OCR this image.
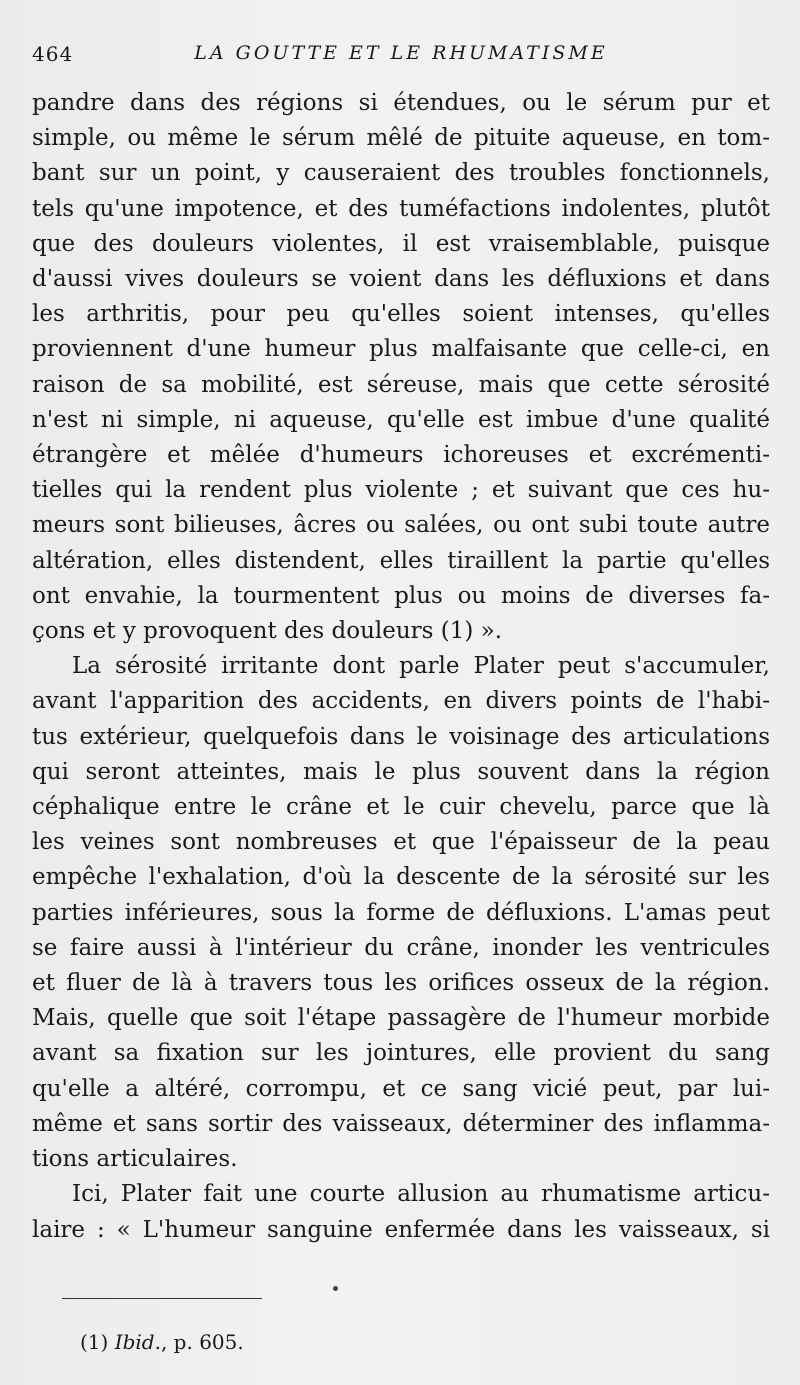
464	LA GOUTTE ET LE RHUMATISME

pandre dans des régions si étendues, ou le sérum pur et
simple, ou même le sérum mêlé de pituite aqueuse, en tom-
bant sur un point, y causeraient des troubles fonctionnels,
tels qu'une impotence, et des tuméfactions indolentes, plutôt
que des douleurs violentes, il est vraisemblable, puisque
d'aussi vives douleurs se voient dans les défluxions et dans
les arthritis, pour peu qu'elles soient intenses, qu'elles
proviennent d'une humeur plus malfaisante que celle-ci, en
raison de sa mobilité, est séreuse, mais que cette sérosité
n'est ni simple, ni aqueuse, qu'elle est imbue d'une qualité
étrangère et mêlée d'humeurs ichoreuses et excrémenti-
tielles qui la rendent plus violente ; et suivant que ces hu-
meurs sont bilieuses, âcres ou salées, ou ont subi toute autre
altération, elles distendent, elles tiraillent la partie qu'elles
ont envahie, la tourmentent plus ou moins de diverses fa-
çons et y provoquent des douleurs (1) ».

La sérosité irritante dont parle Plater peut s'accumuler,
avant l'apparition des accidents, en divers points de l'habi-
tus extérieur, quelquefois dans le voisinage des articulations
qui seront atteintes, mais le plus souvent dans la région
céphalique entre le crâne et le cuir chevelu, parce que là
les veines sont nombreuses et que l'épaisseur de la peau
empêche l'exhalation, d'où la descente de la sérosité sur les
parties inférieures, sous la forme de défluxions. L'amas peut
se faire aussi à l'intérieur du crâne, inonder les ventricules
et fluer de là à travers tous les orifices osseux de la région.
Mais, quelle que soit l'étape passagère de l'humeur morbide
avant sa fixation sur les jointures, elle provient du sang
qu'elle a altéré, corrompu, et ce sang vicié peut, par lui-
même et sans sortir des vaisseaux, déterminer des inflamma-
tions articulaires.

Ici, Plater fait une courte allusion au rhumatisme articu-
laire : « L'humeur sanguine enfermée dans les vaisseaux, si

(1) Ibid., p. 605.
